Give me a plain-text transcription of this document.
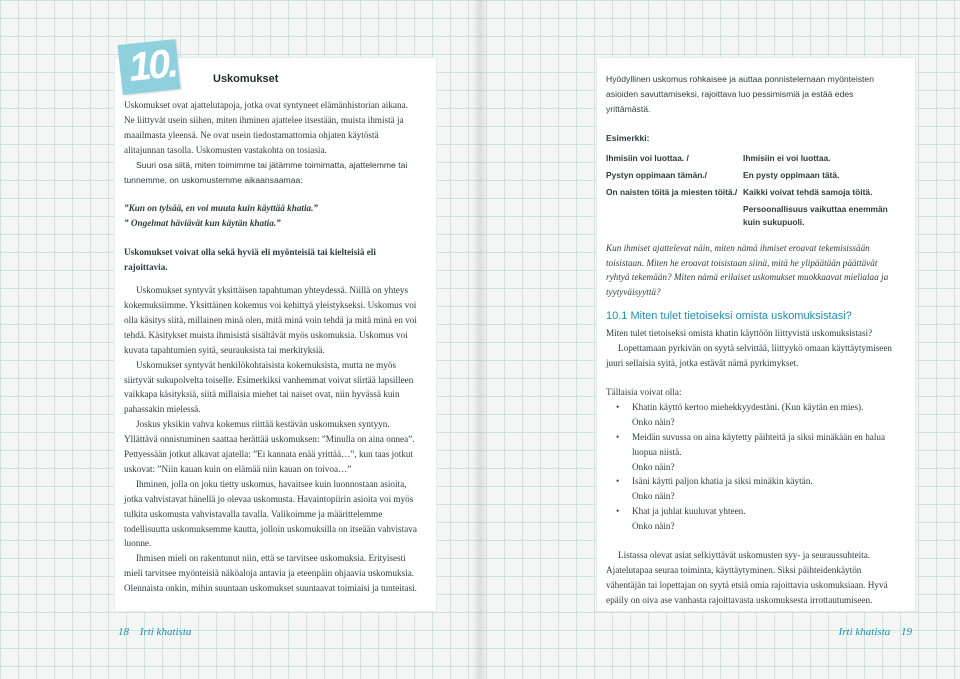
10.	Uskomukset
Uskomukset ovat ajattelutapoja, jotka ovat syntyneet elämänhistorian aikana. Ne liittyvät usein siihen, miten ihminen ajattelee itsestään, muista ihmistä ja maailmasta yleensä. Ne ovat usein tiedostamattomia ohjaten käytöstä alitajunnan tasolla. Uskomusten vastakohta on tosiasia.
Suuri osa siitä, miten toimimme tai jätämme toimimatta, ajattelemme tai tunnemme, on uskomustemme aikaansaamaa:
”Kun on tylsää, en voi muuta kuin käyttää khatia.”
” Ongelmat häviävät kun käytän khatia.”
Uskomukset voivat olla sekä hyviä eli myönteisiä tai kielteisiä eli rajoittavia.
Uskomukset syntyvät yksittäisen tapahtuman yhteydessä. Niillä on yhteys kokemuksiimme. Yksittäinen kokemus voi kehittyä yleistykseksi. Uskomus voi olla käsitys siitä, millainen minä olen, mitä minä voin tehdä ja mitä minä en voi tehdä. Käsitykset muista ihmisistä sisältävät myös uskomuksia. Uskomus voi kuvata tapahtumien syitä, seurauksista tai merkityksiä.
Uskomukset syntyvät henkilökohtaisista kokemuksista, mutta ne myös siirtyvät sukupolvelta toiselle. Esimerkiksi vanhemmat voivat siirtää lapsilleen vaikkapa käsityksiä, siitä millaisia miehet tai naiset ovat, niin hyvässä kuin pahassakin mielessä.
Joskus yksikin vahva kokemus riittää kestävän uskomuksen syntyyn. Yllättävä onnistuminen saattaa herättää uskomuksen: ”Minulla on aina onnea”. Pettyessään jotkut alkavat ajatella: ”Ei kannata enää yrittää…”, kun taas jotkut uskovat: ”Niin kauan kuin on elämää niin kauan on toivoa…”
Ihminen, jolla on joku tietty uskomus, havaitsee kuin luonnostaan asioita, jotka vahvistavat hänellä jo olevaa uskomusta. Havaintopiirin asioita voi myös tulkita uskomusta vahvistavalla tavalla. Valikoimme ja määrittelemme todellisuutta uskomuksemme kautta, jolloin uskomuksilla on itseään vahvistava luonne.
Ihmisen mieli on rakentunut niin, että se tarvitsee uskomuksia. Erityisesti mieli tarvitsee myönteisiä näköaloja antavia ja eteenpäin ohjaavia uskomuksia. Olennaista onkin, mihin suuntaan uskomukset suuntaavat toimiaisi ja tunteitasi.
Hyödyllinen uskomus rohkaisee ja auttaa ponnistelemaan myönteisten asioiden savuttamiseksi, rajoittava luo pessimismiä ja estää edes yrittämästä.
Esimerkki:
Ihmisiin voi luottaa. /	Ihmisiin ei voi luottaa.
Pystyn oppimaan tämän./	En pysty oppimaan tätä.
On naisten töitä ja miesten töitä./ Kaikki voivat tehdä samoja töitä.
Persoonallisuus vaikuttaa enemmän kuin sukupuoli.
Kun ihmiset ajattelevat näin, miten nämä ihmiset eroavat tekemisissään toisistaan. Miten he eroavat toisistaan siinä, mitä he ylipäätään päättävät ryhtyä tekemään? Miten nämä erilaiset uskomukset muokkaavat mielialaa ja tyytyväisyyttä?
10.1 Miten tulet tietoiseksi omista uskomuksistasi?
Miten tulet tietoiseksi omista khatin käyttöön liittyvistä uskomuksistasi?
Lopettamaan pyrkivän on syytä selvittää, liittyykö omaan käyttäytymiseen juuri sellaisia syitä, jotka estävät nämä pyrkimykset.
Tällaisia voivat olla:
• Khatin käyttö kertoo miehekkyydestäni. (Kun käytän en mies).
Onko näin?
• Meidän suvussa on aina käytetty päihteitä ja siksi minäkään en halua luopua niistä.
Onko näin?
• Isäni käytti paljon khatia ja siksi minäkin käytän.
Onko näin?
• Khat ja juhlat kuuluvat yhteen.
Onko näin?
Listassa olevat asiat selkiyttävät uskomusten syy- ja seuraussuhteita. Ajatelutapaa seuraa toiminta, käyttäytyminen. Siksi päihteidenkäytön vähentäjän tai lopettajan on syytä etsiä omia rajoittavia uskomuksiaan. Hyvä epäily on oiva ase vanhasta rajoittavasta uskomuksesta irrottautumiseen.
18 Irti khatista	Irti khatista 19
